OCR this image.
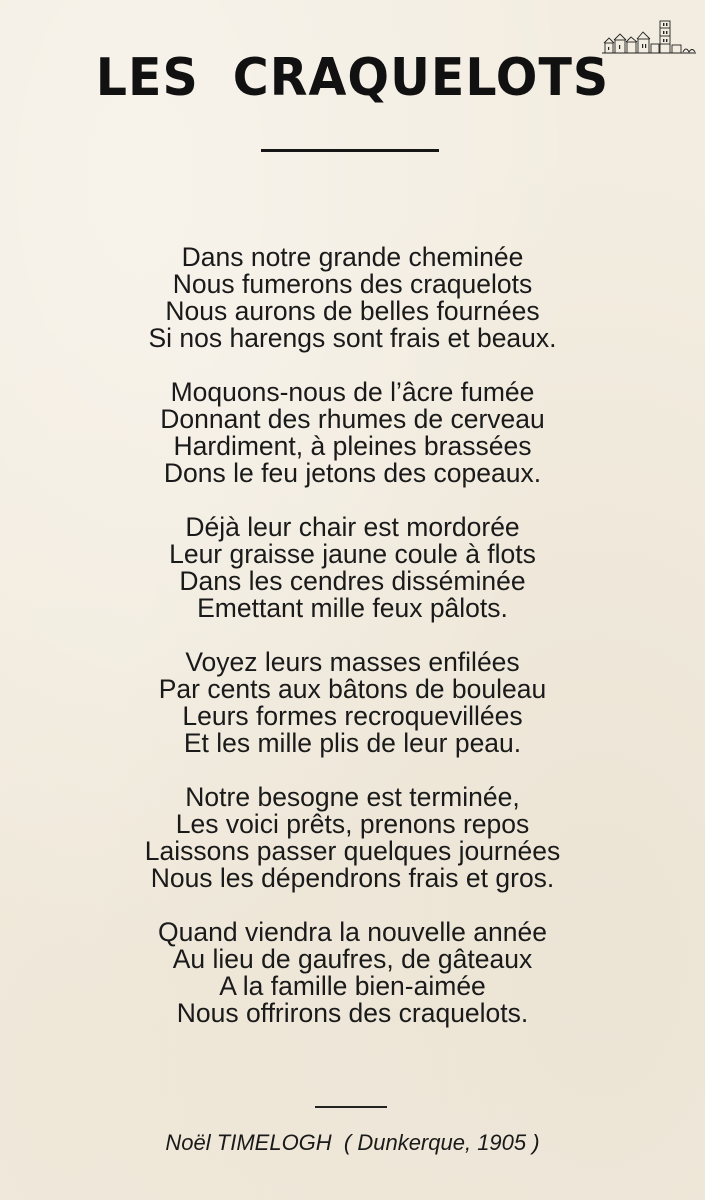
LES CRAQUELOTS
Dans notre grande cheminée
Nous fumerons des craquelots
Nous aurons de belles fournées
Si nos harengs sont frais et beaux.
Moquons-nous de l’âcre fumée
Donnant des rhumes de cerveau
Hardiment, à pleines brassées
Dons le feu jetons des copeaux.
Déjà leur chair est mordorée
Leur graisse jaune coule à flots
Dans les cendres disséminée
Emettant mille feux pâlots.
Voyez leurs masses enfilées
Par cents aux bâtons de bouleau
Leurs formes recroquevillées
Et les mille plis de leur peau.
Notre besogne est terminée,
Les voici prêts, prenons repos
Laissons passer quelques journées
Nous les dépendrons frais et gros.
Quand viendra la nouvelle année
Au lieu de gaufres, de gâteaux
A la famille bien-aimée
Nous offrirons des craquelots.
Noël TIMELOGH  ( Dunkerque, 1905 )
